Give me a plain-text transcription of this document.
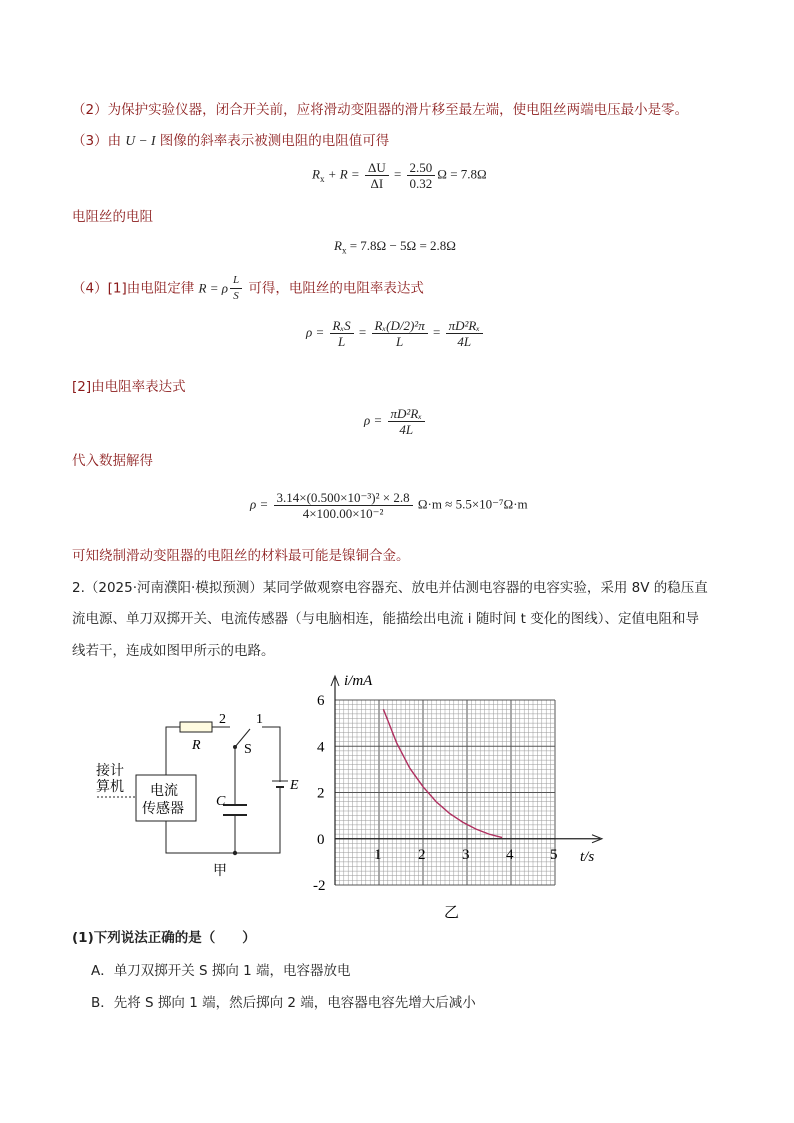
（2）为保护实验仪器，闭合开关前，应将滑动变阻器的滑片移至最左端，使电阻丝两端电压最小是零。
（3）由 U − I 图像的斜率表示被测电阻的电阻值可得
$R_x + R = \frac{\Delta U}{\Delta I} = \frac{2.50}{0.32}$ Ω = 7.8Ω
电阻丝的电阻
$R_x = 7.8\Omega - 5\Omega = 2.8\Omega$
（4）[1]由电阻定律 R = ρ $\frac{L}{S}$ 可得，电阻丝的电阻率表达式
$\rho = \frac{\text{RₓS}}{L} = \frac{\text{Rₓ(D/2)²π}}{L} = \frac{\text{πD²Rₓ}}{4L}$
[2]由电阻率表达式
$\rho = \frac{\text{πD²Rₓ}}{4L}$
代入数据解得
$\rho = \frac{\text{3.14×(0.500×10⁻³)² × 2.8}}{\text{4×100.00×10⁻²}} \Omega\cdot m \approx 5.5\times 10^{-7}\Omega\cdot m$
可知绕制滑动变阻器的电阻丝的材料最可能是镍铜合金。
2.（2025·河南濮阳·模拟预测）某同学做观察电容器充、放电并估测电容器的电容实验，采用 8V 的稳压直
流电源、单刀双掷开关、电流传感器（与电脑相连，能描绘出电流 i 随时间 t 变化的图线）、定值电阻和导
线若干，连成如图甲所示的电路。
接计
算机 电流
传感器
R
2 1
S
C
E
甲
1 2 3 4 5
6
4
2
0
-2
i/mA
t/s
乙
(1)下列说法正确的是（　　）
A．单刀双掷开关 S 掷向 1 端，电容器放电
B．先将 S 掷向 1 端，然后掷向 2 端，电容器电容先增大后减小
